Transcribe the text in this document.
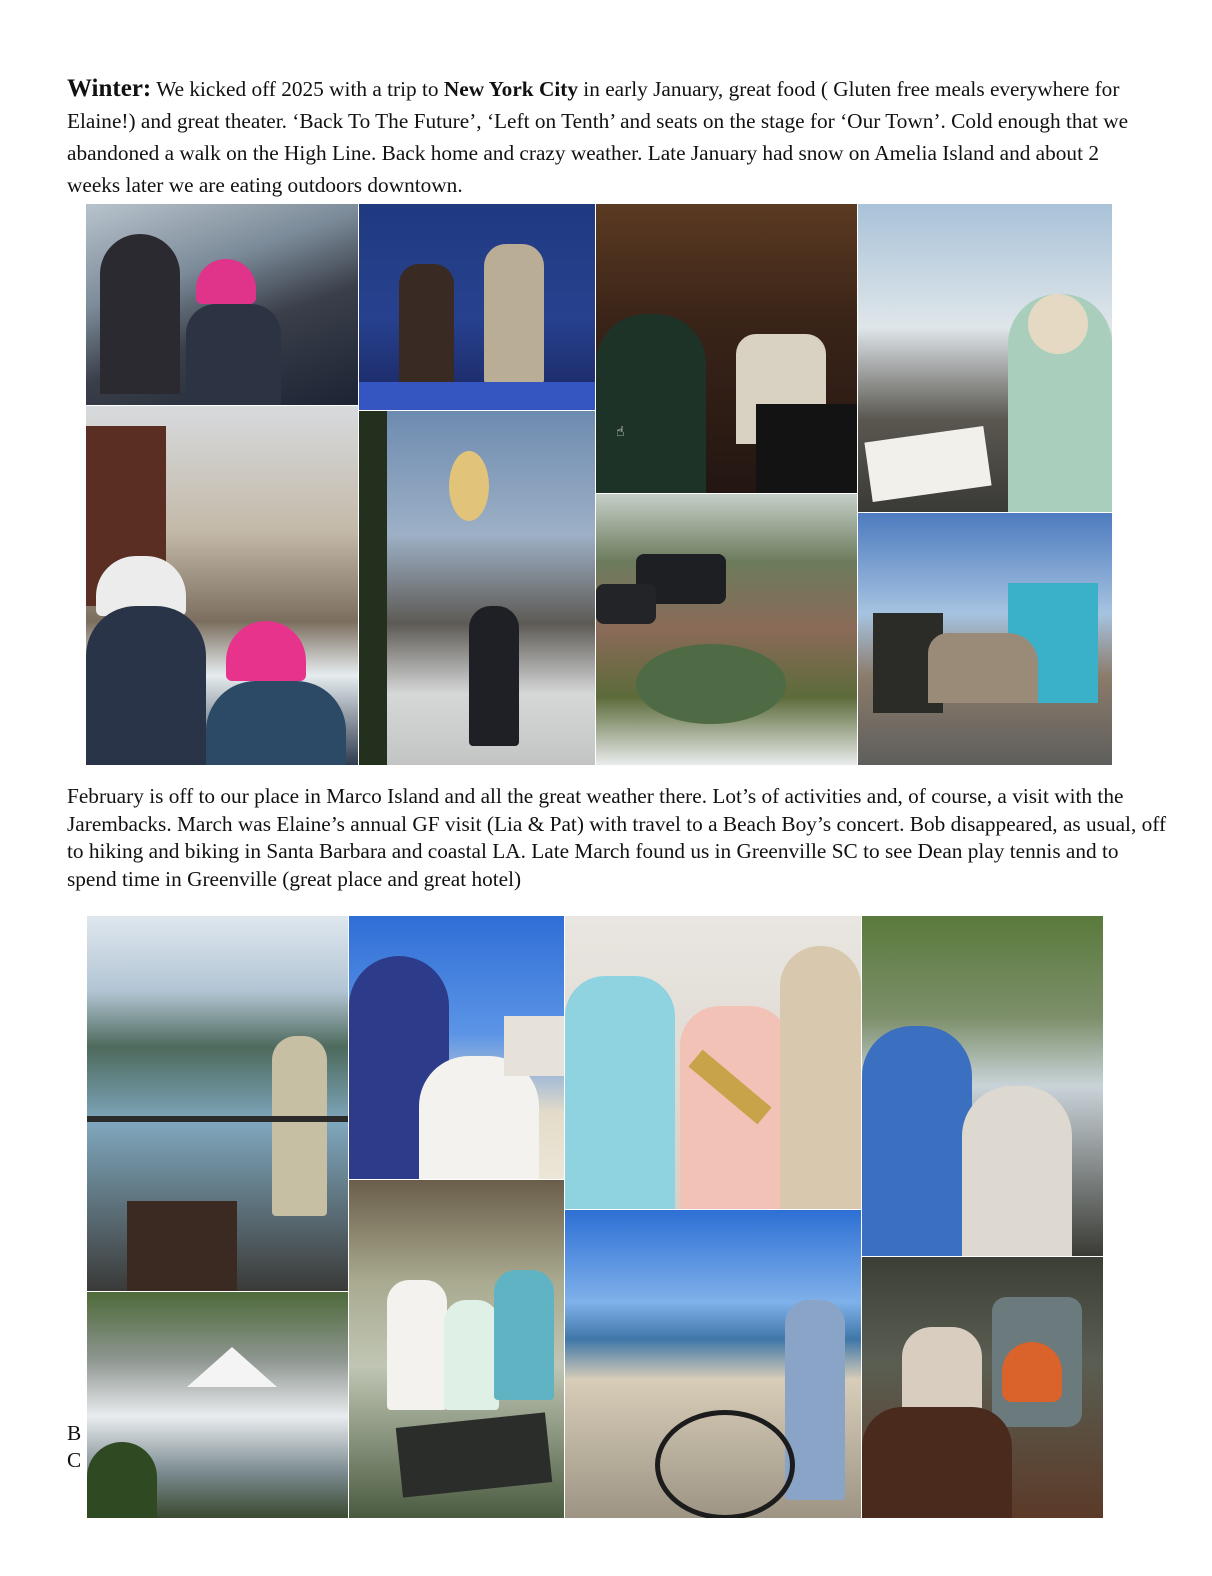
Winter: We kicked off 2025 with a trip to New York City in early January, great food ( Gluten free meals everywhere for Elaine!) and great theater. ‘Back To The Future’, ‘Left on Tenth’ and seats on the stage for ‘Our Town’. Cold enough that we abandoned a walk on the High Line. Back home and crazy weather. Late January had snow on Amelia Island and about 2 weeks later we are eating outdoors downtown.

February is off to our place in Marco Island and all the great weather there. Lot’s of activities and, of course, a visit with the Jarembacks. March was Elaine’s annual GF visit (Lia & Pat) with travel to a Beach Boy’s concert. Bob disappeared, as usual, off to hiking and biking in Santa Barbara and coastal LA. Late March found us in Greenville SC to see Dean play tennis and to spend time in Greenville (great place and great hotel)

B
C
☝
